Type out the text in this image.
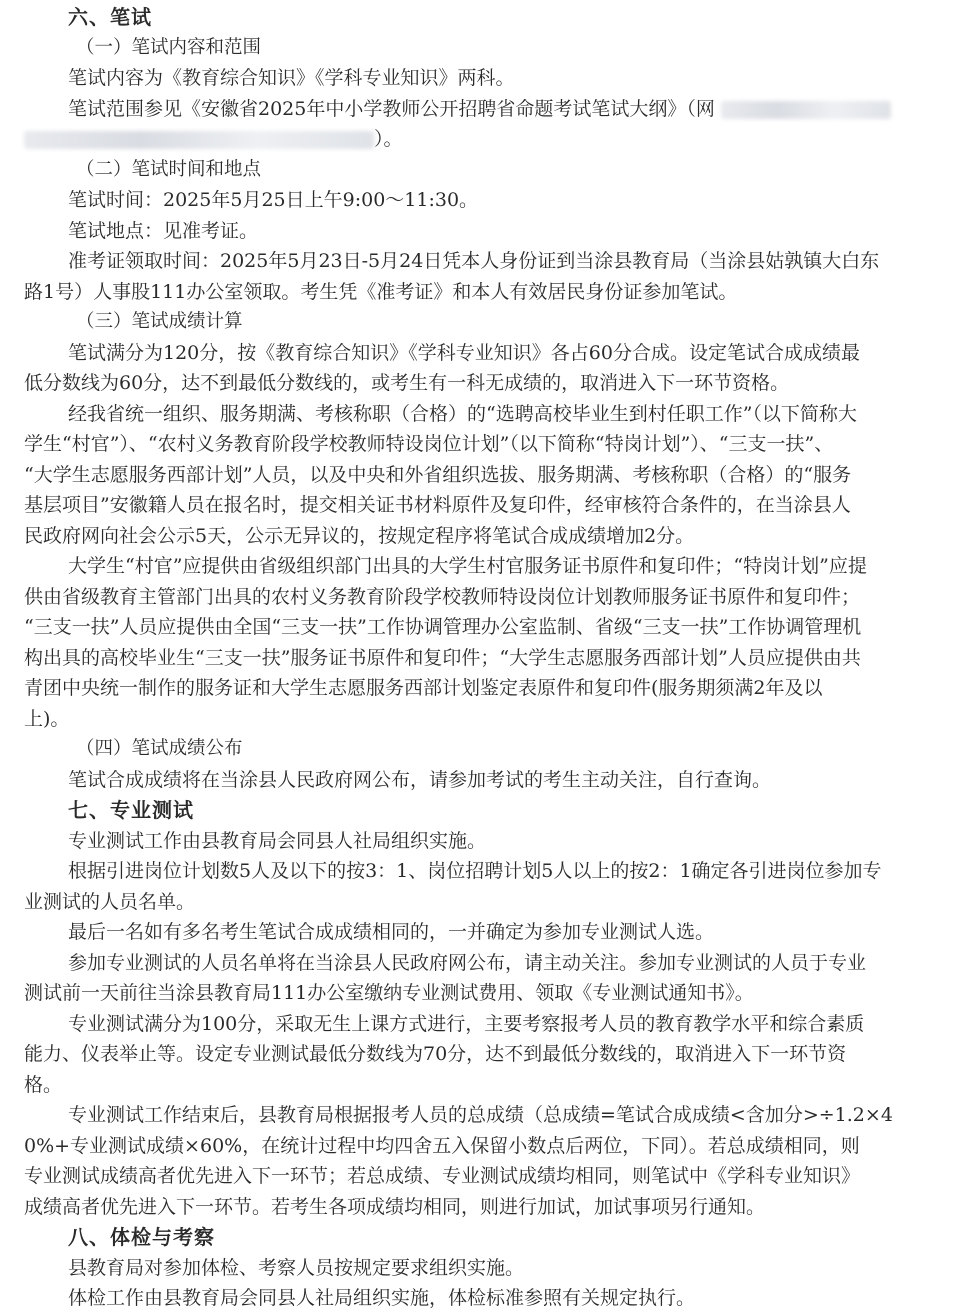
六、笔试
（一）笔试内容和范围
笔试内容为《教育综合知识》《学科专业知识》两科。
笔试范围参见《安徽省2025年中小学教师公开招聘省命题考试笔试大纲》（网
）。
（二）笔试时间和地点
笔试时间：2025年5月25日上午9:00～11:30。
笔试地点：见准考证。
准考证领取时间：2025年5月23日-5月24日凭本人身份证到当涂县教育局（当涂县姑孰镇大白东
路1号）人事股111办公室领取。考生凭《准考证》和本人有效居民身份证参加笔试。
（三）笔试成绩计算
笔试满分为120分，按《教育综合知识》《学科专业知识》各占60分合成。设定笔试合成成绩最
低分数线为60分，达不到最低分数线的，或考生有一科无成绩的，取消进入下一环节资格。
经我省统一组织、服务期满、考核称职（合格）的“选聘高校毕业生到村任职工作”（以下简称大
学生“村官”）、“农村义务教育阶段学校教师特设岗位计划”（以下简称“特岗计划”）、“三支一扶”、
“大学生志愿服务西部计划”人员，以及中央和外省组织选拔、服务期满、考核称职（合格）的“服务
基层项目”安徽籍人员在报名时，提交相关证书材料原件及复印件，经审核符合条件的，在当涂县人
民政府网向社会公示5天，公示无异议的，按规定程序将笔试合成成绩增加2分。
大学生“村官”应提供由省级组织部门出具的大学生村官服务证书原件和复印件；“特岗计划”应提
供由省级教育主管部门出具的农村义务教育阶段学校教师特设岗位计划教师服务证书原件和复印件；
“三支一扶”人员应提供由全国“三支一扶”工作协调管理办公室监制、省级“三支一扶”工作协调管理机
构出具的高校毕业生“三支一扶”服务证书原件和复印件；“大学生志愿服务西部计划”人员应提供由共
青团中央统一制作的服务证和大学生志愿服务西部计划鉴定表原件和复印件(服务期须满2年及以
上)。
（四）笔试成绩公布
笔试合成成绩将在当涂县人民政府网公布，请参加考试的考生主动关注，自行查询。
七、专业测试
专业测试工作由县教育局会同县人社局组织实施。
根据引进岗位计划数5人及以下的按3：1、岗位招聘计划5人以上的按2：1确定各引进岗位参加专
业测试的人员名单。
最后一名如有多名考生笔试合成成绩相同的，一并确定为参加专业测试人选。
参加专业测试的人员名单将在当涂县人民政府网公布，请主动关注。参加专业测试的人员于专业
测试前一天前往当涂县教育局111办公室缴纳专业测试费用、领取《专业测试通知书》。
专业测试满分为100分，采取无生上课方式进行，主要考察报考人员的教育教学水平和综合素质
能力、仪表举止等。设定专业测试最低分数线为70分，达不到最低分数线的，取消进入下一环节资
格。
专业测试工作结束后，县教育局根据报考人员的总成绩（总成绩=笔试合成成绩<含加分>÷1.2×4
0%+专业测试成绩×60%，在统计过程中均四舍五入保留小数点后两位，下同）。若总成绩相同，则
专业测试成绩高者优先进入下一环节；若总成绩、专业测试成绩均相同，则笔试中《学科专业知识》
成绩高者优先进入下一环节。若考生各项成绩均相同，则进行加试，加试事项另行通知。
八、体检与考察
县教育局对参加体检、考察人员按规定要求组织实施。
体检工作由县教育局会同县人社局组织实施，体检标准参照有关规定执行。
